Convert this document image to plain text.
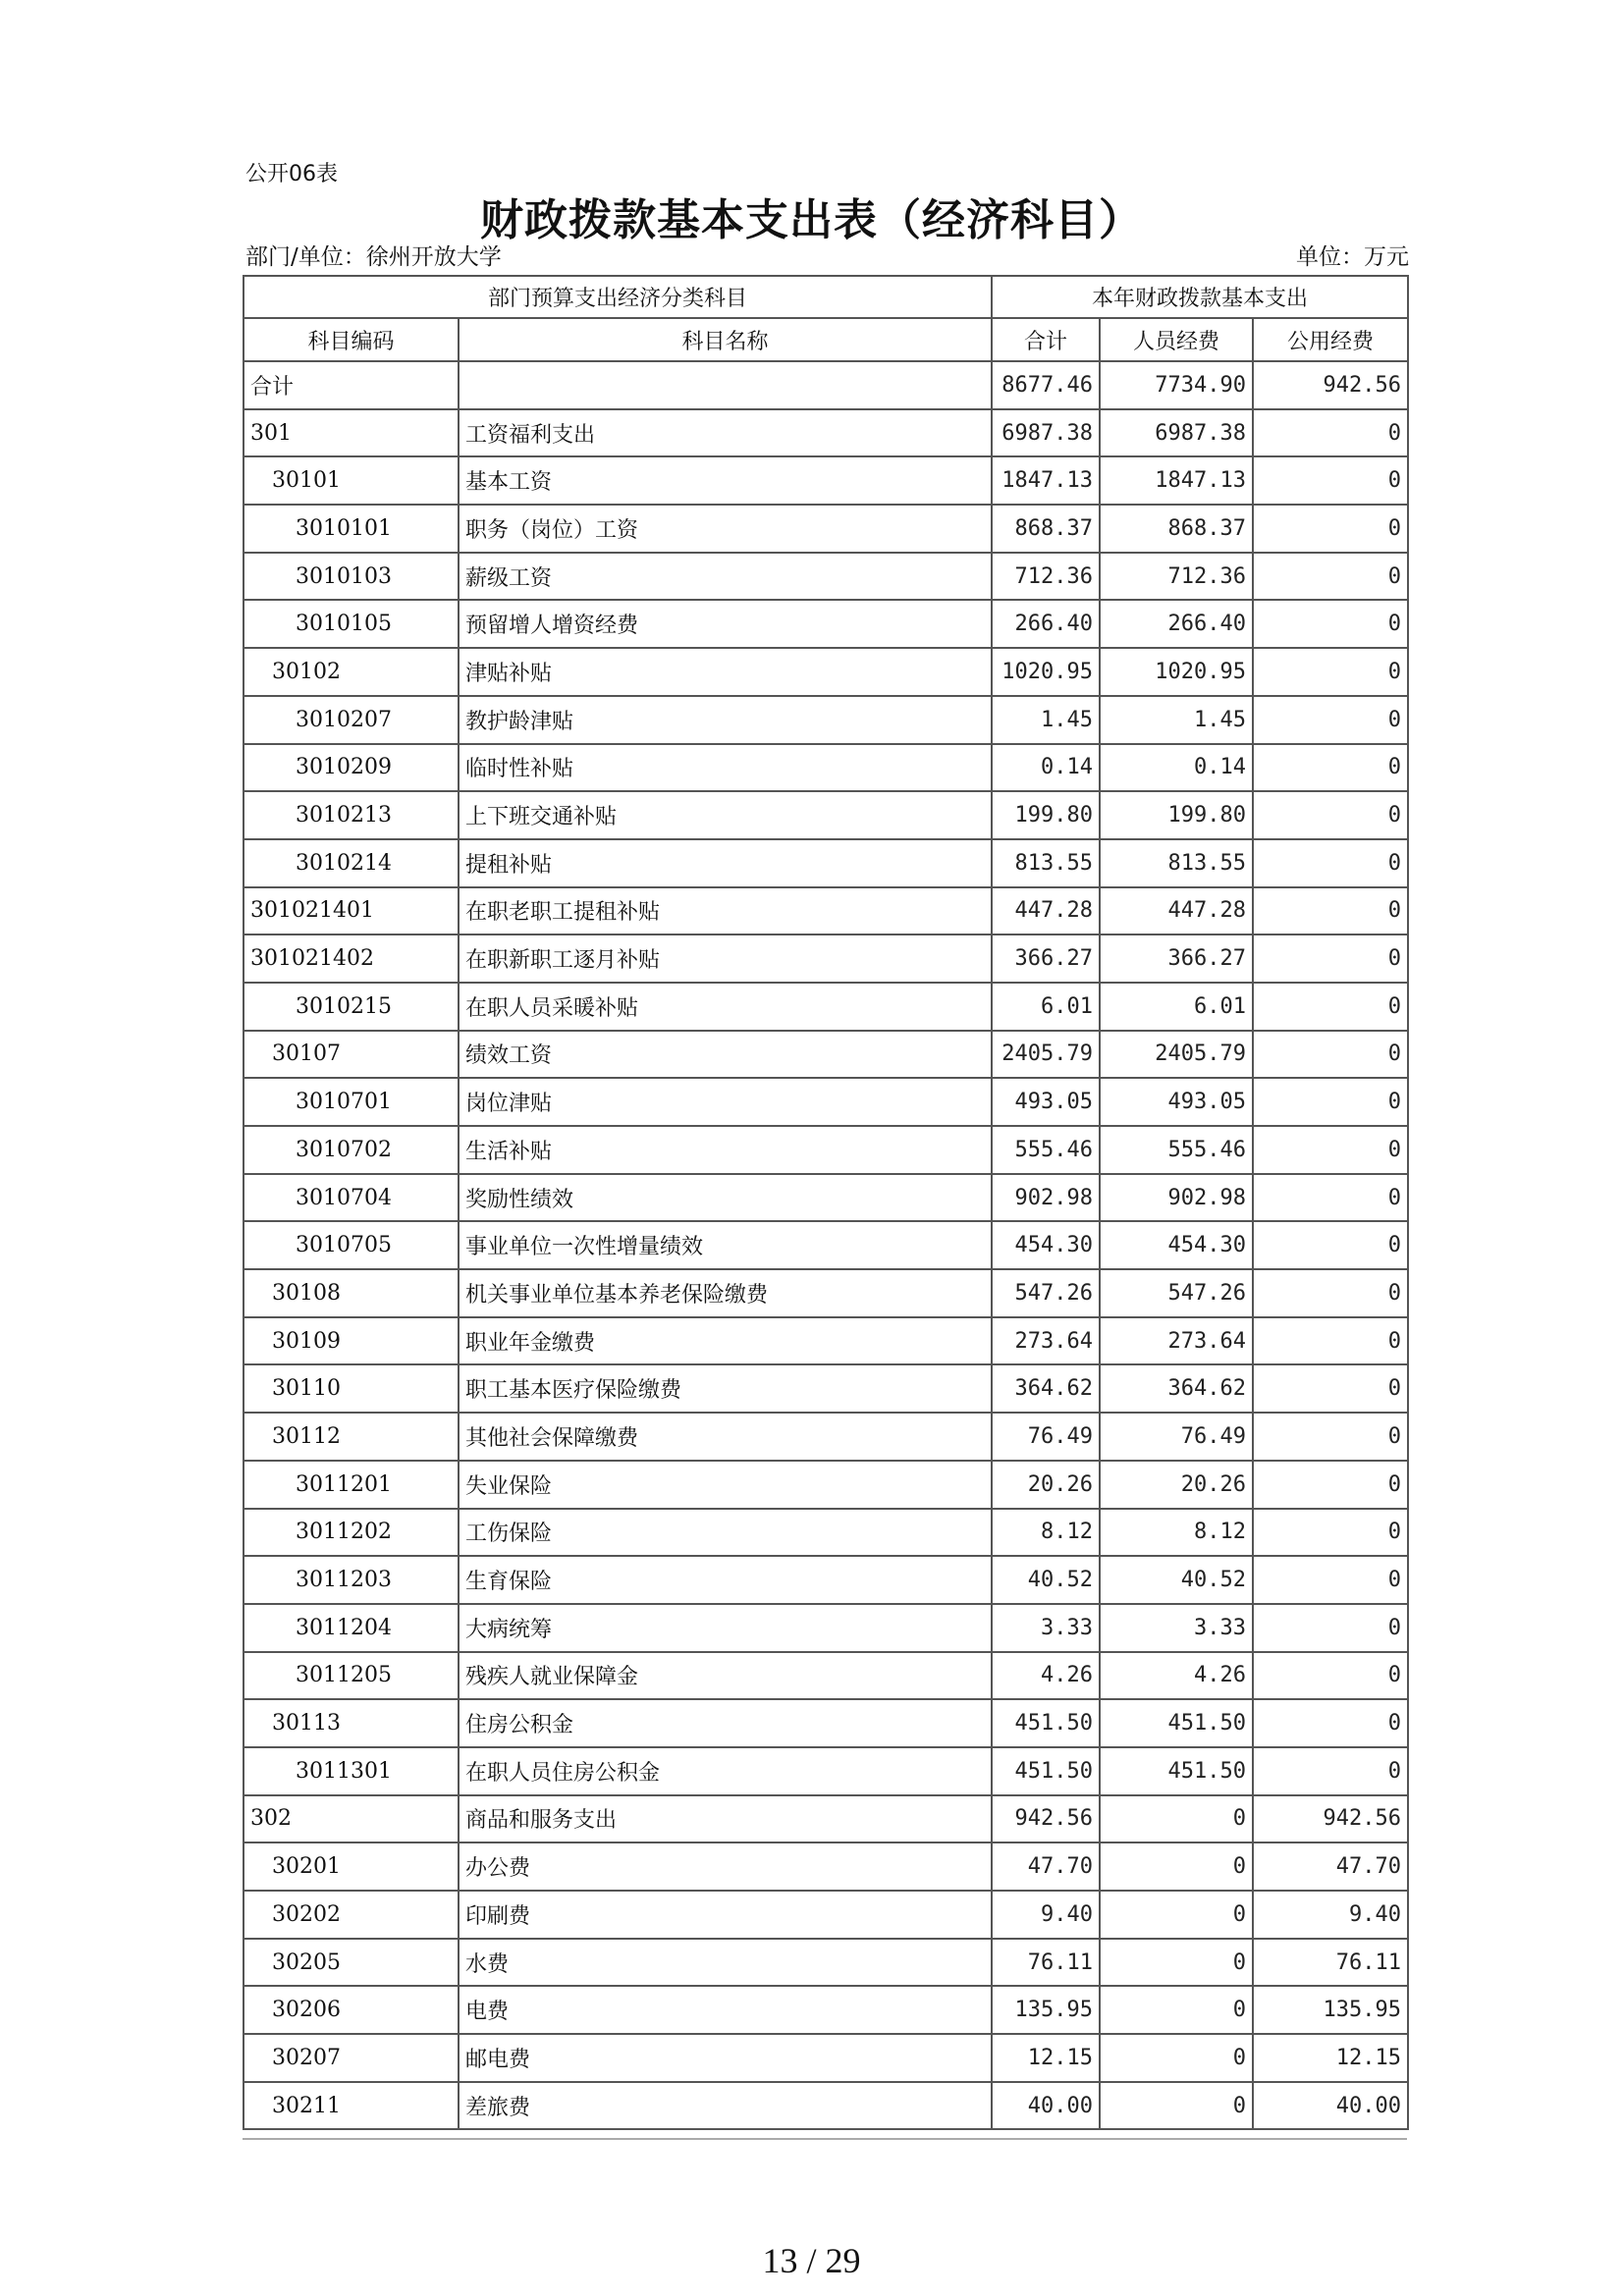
公开06表
财政拨款基本支出表（经济科目）
部门/单位：徐州开放大学	单位：万元
部门预算支出经济分类科目		本年财政拨款基本支出		
科目编码	科目名称	合计	人员经费	公用经费
合计		8677.46	7734.90	942.56
301	工资福利支出	6987.38	6987.38	0
30101	基本工资	1847.13	1847.13	0
3010101	职务（岗位）工资	868.37	868.37	0
3010103	薪级工资	712.36	712.36	0
3010105	预留增人增资经费	266.40	266.40	0
30102	津贴补贴	1020.95	1020.95	0
3010207	教护龄津贴	1.45	1.45	0
3010209	临时性补贴	0.14	0.14	0
3010213	上下班交通补贴	199.80	199.80	0
3010214	提租补贴	813.55	813.55	0
301021401	在职老职工提租补贴	447.28	447.28	0
301021402	在职新职工逐月补贴	366.27	366.27	0
3010215	在职人员采暖补贴	6.01	6.01	0
30107	绩效工资	2405.79	2405.79	0
3010701	岗位津贴	493.05	493.05	0
3010702	生活补贴	555.46	555.46	0
3010704	奖励性绩效	902.98	902.98	0
3010705	事业单位一次性增量绩效	454.30	454.30	0
30108	机关事业单位基本养老保险缴费	547.26	547.26	0
30109	职业年金缴费	273.64	273.64	0
30110	职工基本医疗保险缴费	364.62	364.62	0
30112	其他社会保障缴费	76.49	76.49	0
3011201	失业保险	20.26	20.26	0
3011202	工伤保险	8.12	8.12	0
3011203	生育保险	40.52	40.52	0
3011204	大病统筹	3.33	3.33	0
3011205	残疾人就业保障金	4.26	4.26	0
30113	住房公积金	451.50	451.50	0
3011301	在职人员住房公积金	451.50	451.50	0
302	商品和服务支出	942.56	0	942.56
30201	办公费	47.70	0	47.70
30202	印刷费	9.40	0	9.40
30205	水费	76.11	0	76.11
30206	电费	135.95	0	135.95
30207	邮电费	12.15	0	12.15
30211	差旅费	40.00	0	40.00
13 / 29
